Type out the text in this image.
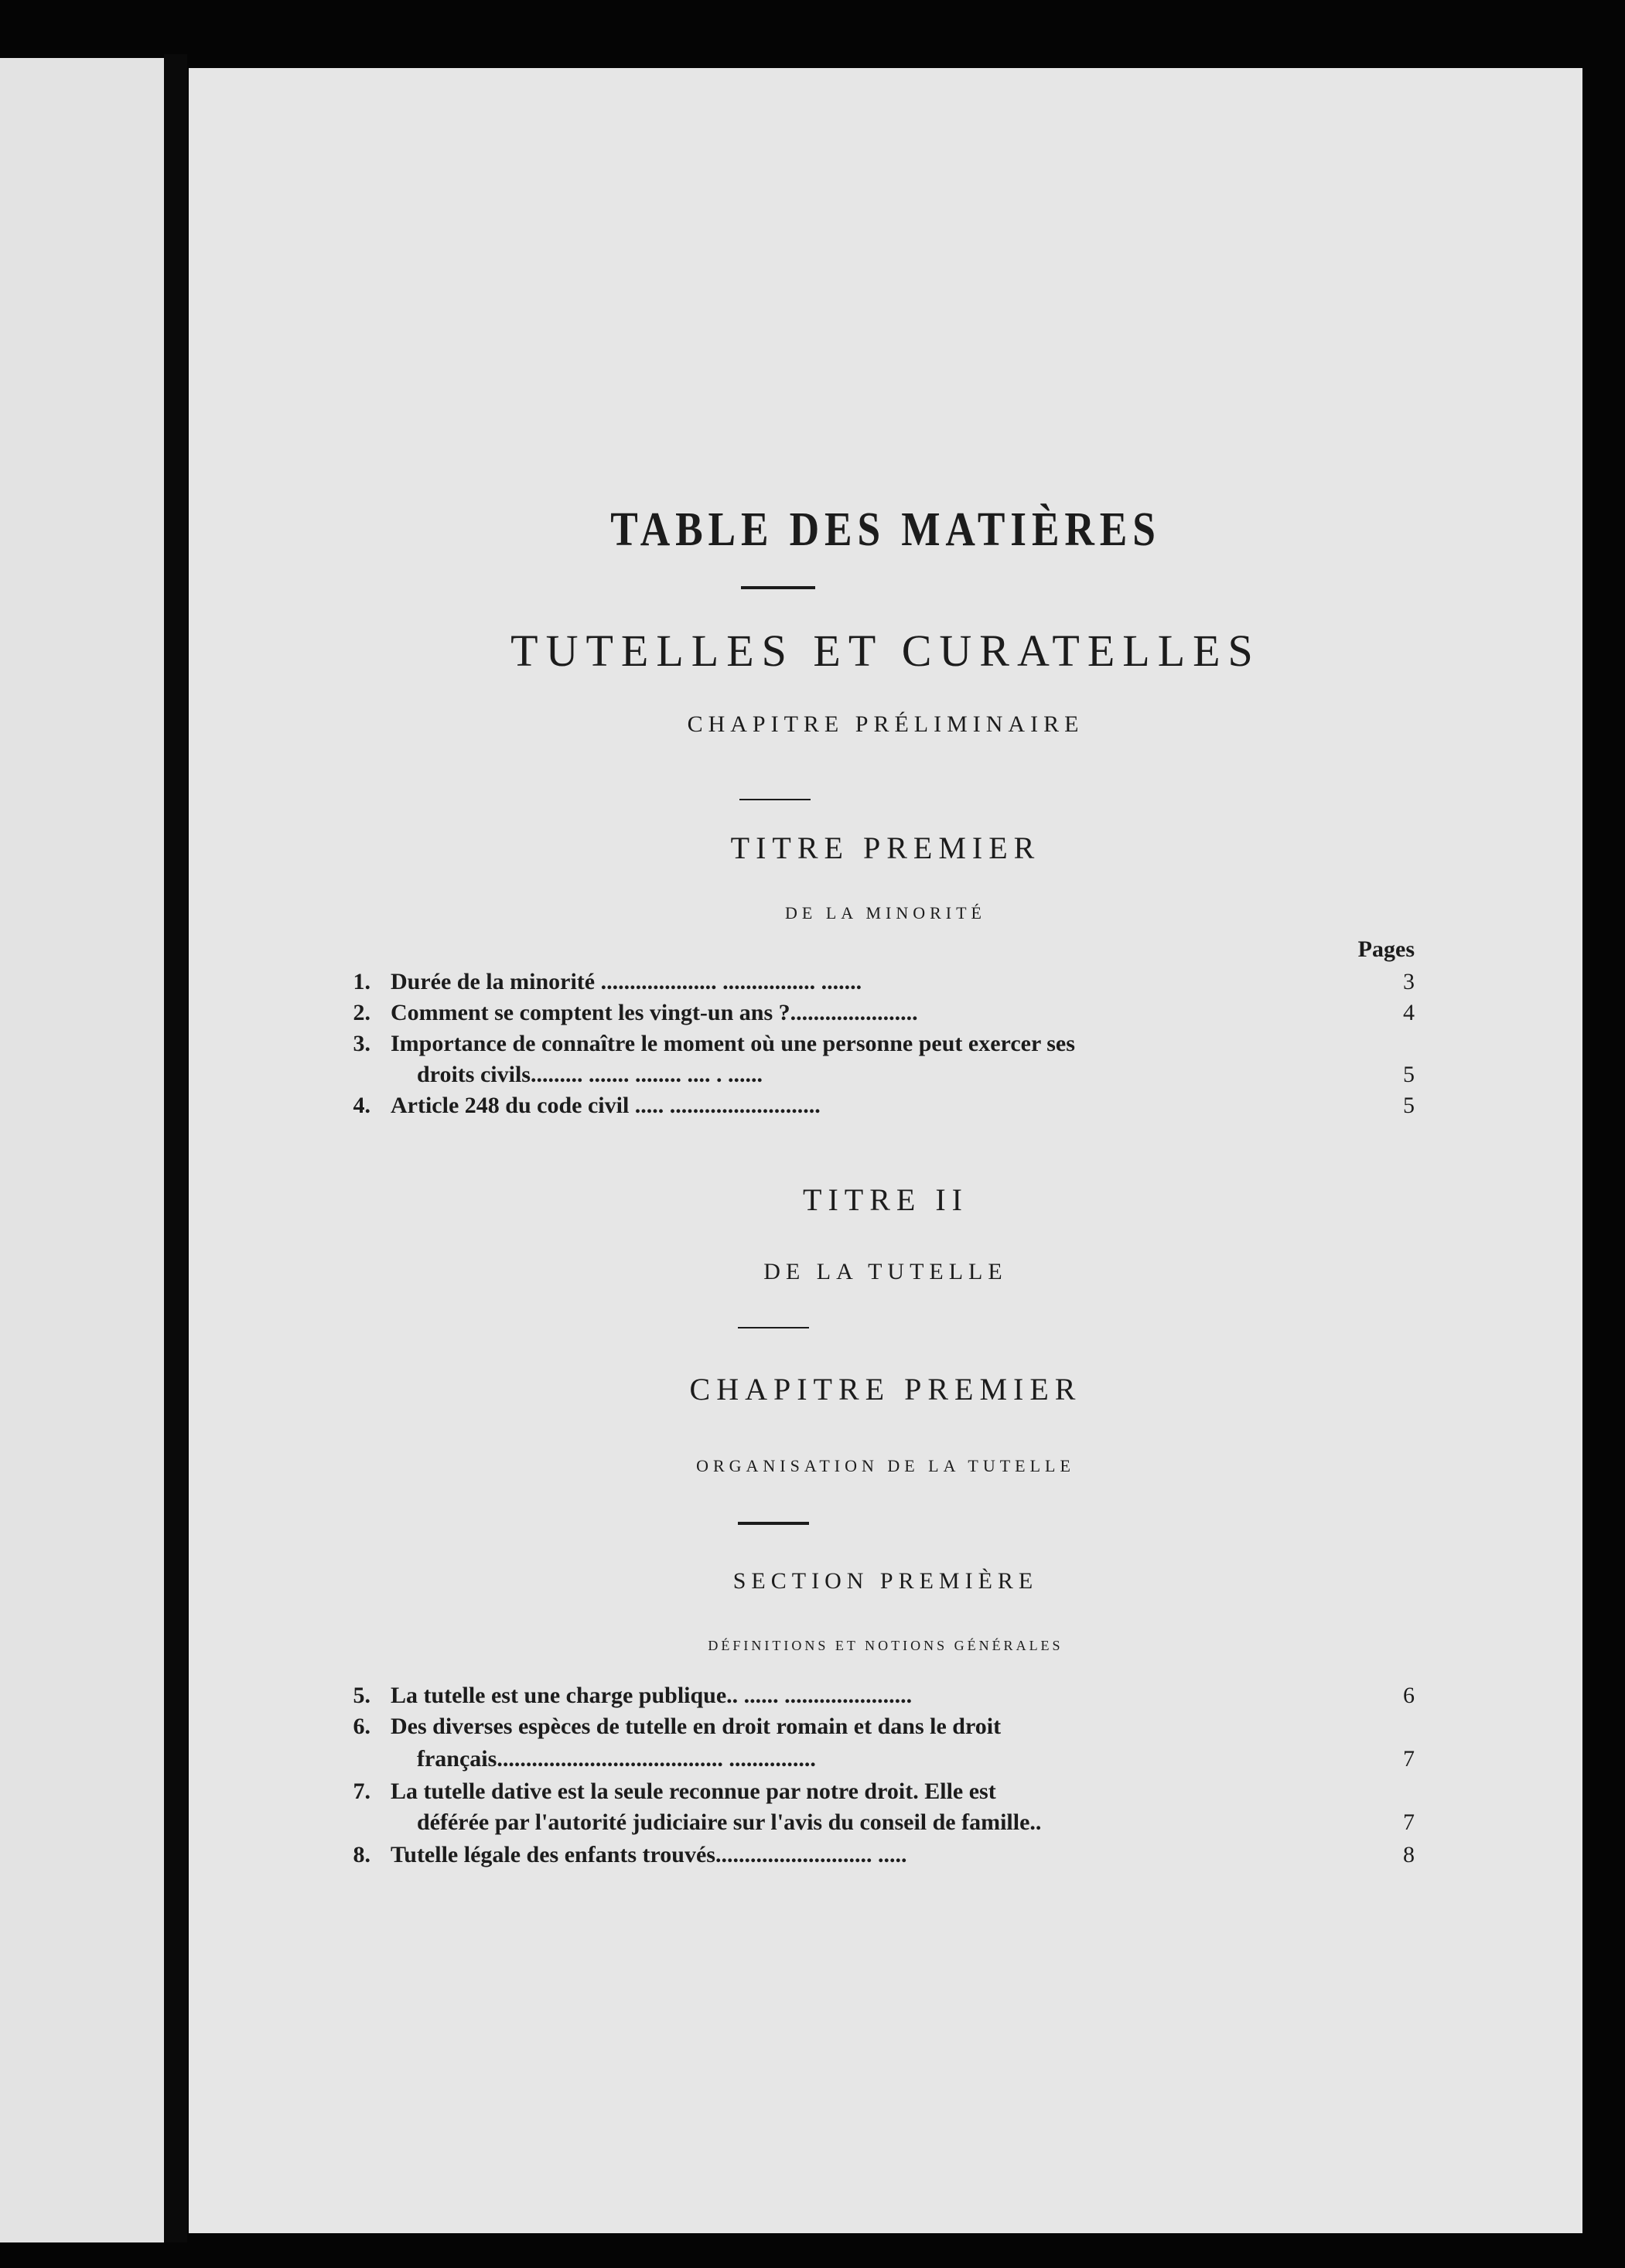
TABLE DES MATIÈRES
TUTELLES ET CURATELLES
CHAPITRE PRÉLIMINAIRE
TITRE PREMIER
DE LA MINORITÉ
Pages
1. Durée de la minorité .................... ................ .......	3
2. Comment se comptent les vingt-un ans ?......................	4
3. Importance de connaître le moment où une personne peut exercer ses
droits civils......... ....... ........ .... . ......	5
4. Article 248 du code civil ..... ..........................	5
TITRE II
DE LA TUTELLE
CHAPITRE PREMIER
ORGANISATION DE LA TUTELLE
SECTION PREMIÈRE
DÉFINITIONS ET NOTIONS GÉNÉRALES
5. La tutelle est une charge publique.. ...... ......................	6
6. Des diverses espèces de tutelle en droit romain et dans le droit
français....................................... ...............	7
7. La tutelle dative est la seule reconnue par notre droit. Elle est
déférée par l'autorité judiciaire sur l'avis du conseil de famille..	7
8. Tutelle légale des enfants trouvés........................... .....	8
